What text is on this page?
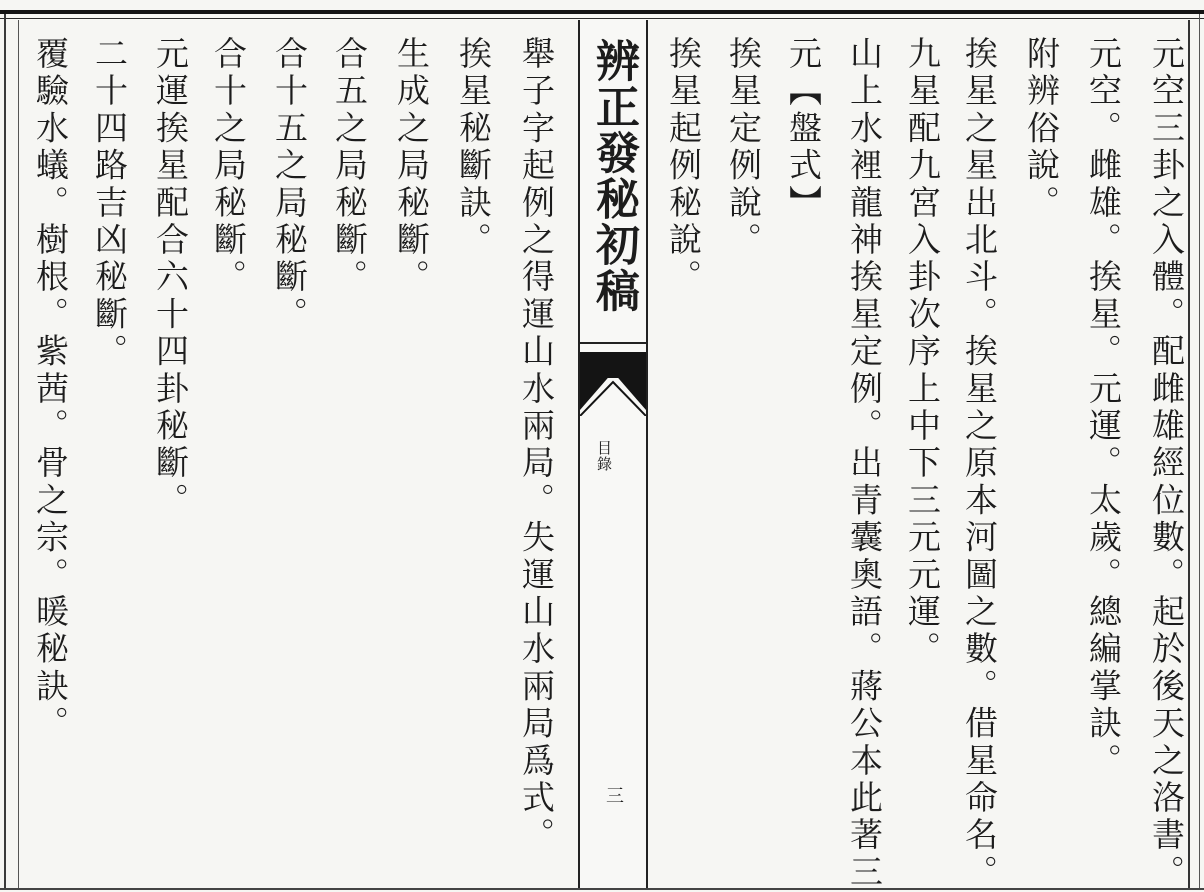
元空三卦之入體。配雌雄經位數。起於後天之洛書。
元空。雌雄。挨星。元運。太歲。總編掌訣。
附辨俗說。
挨星之星出北斗。挨星之原本河圖之數。借星命名。
九星配九宮入卦次序上中下三元元運。
山上水裡龍神挨星定例。出青囊奧語。蔣公本此著三
元【盤式】
挨星定例說。
挨星起例秘說。
辨正發秘初稿
目錄
三
舉子字起例之得運山水兩局。失運山水兩局爲式。
挨星秘斷訣。
生成之局秘斷。
合五之局秘斷。
合十五之局秘斷。
合十之局秘斷。
元運挨星配合六十四卦秘斷。
二十四路吉凶秘斷。
覆驗水蟻。樹根。紫茜。骨之宗。暖秘訣。
